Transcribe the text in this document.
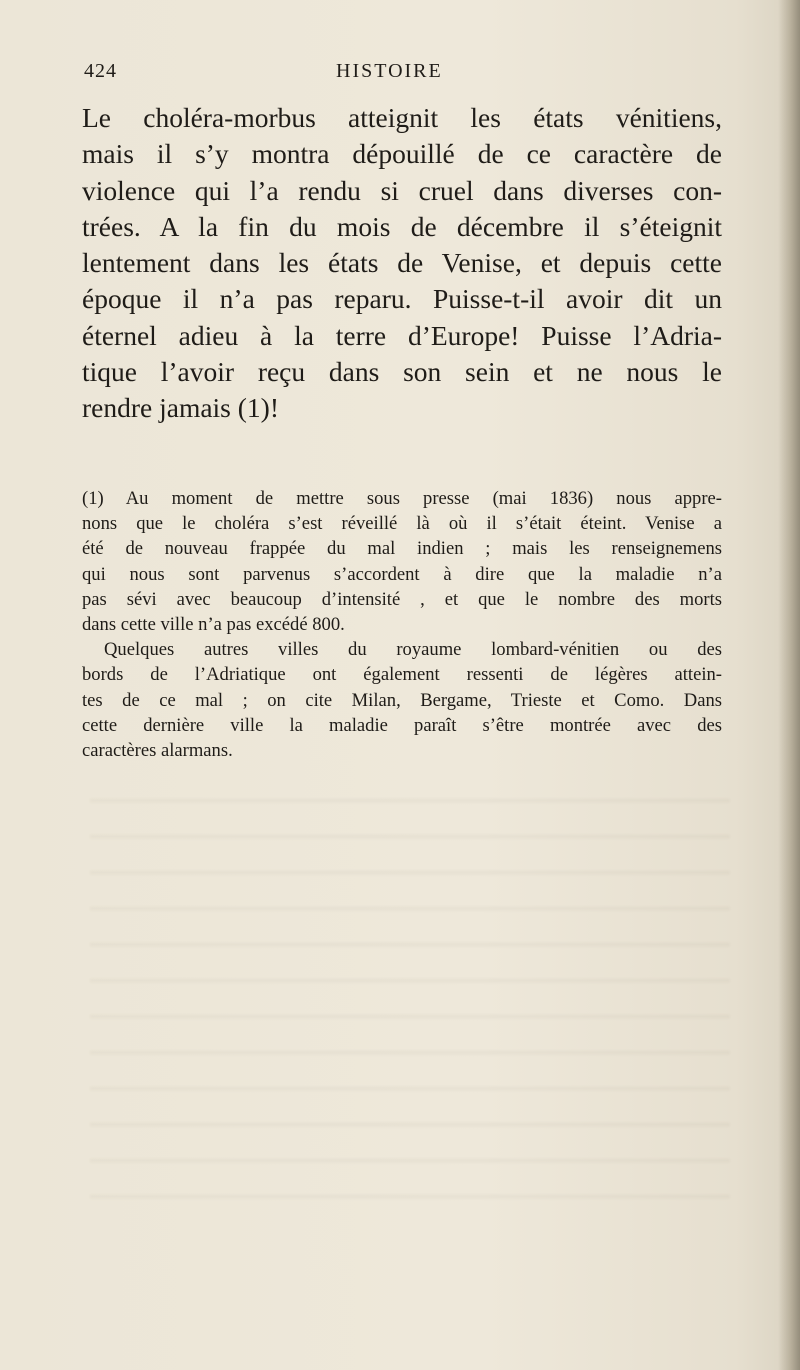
424	HISTOIRE
Le choléra-morbus atteignit les états vénitiens,
mais il s’y montra dépouillé de ce caractère de
violence qui l’a rendu si cruel dans diverses con-
trées. A la fin du mois de décembre il s’éteignit
lentement dans les états de Venise, et depuis cette
époque il n’a pas reparu. Puisse-t-il avoir dit un
éternel adieu à la terre d’Europe! Puisse l’Adria-
tique l’avoir reçu dans son sein et ne nous le
rendre jamais (1)!
(1) Au moment de mettre sous presse (mai 1836) nous appre-
nons que le choléra s’est réveillé là où il s’était éteint. Venise a
été de nouveau frappée du mal indien ; mais les renseignemens
qui nous sont parvenus s’accordent à dire que la maladie n’a
pas sévi avec beaucoup d’intensité , et que le nombre des morts
dans cette ville n’a pas excédé 800.
Quelques autres villes du royaume lombard-vénitien ou des
bords de l’Adriatique ont également ressenti de légères attein-
tes de ce mal ; on cite Milan, Bergame, Trieste et Como. Dans
cette dernière ville la maladie paraît s’être montrée avec des
caractères alarmans.
